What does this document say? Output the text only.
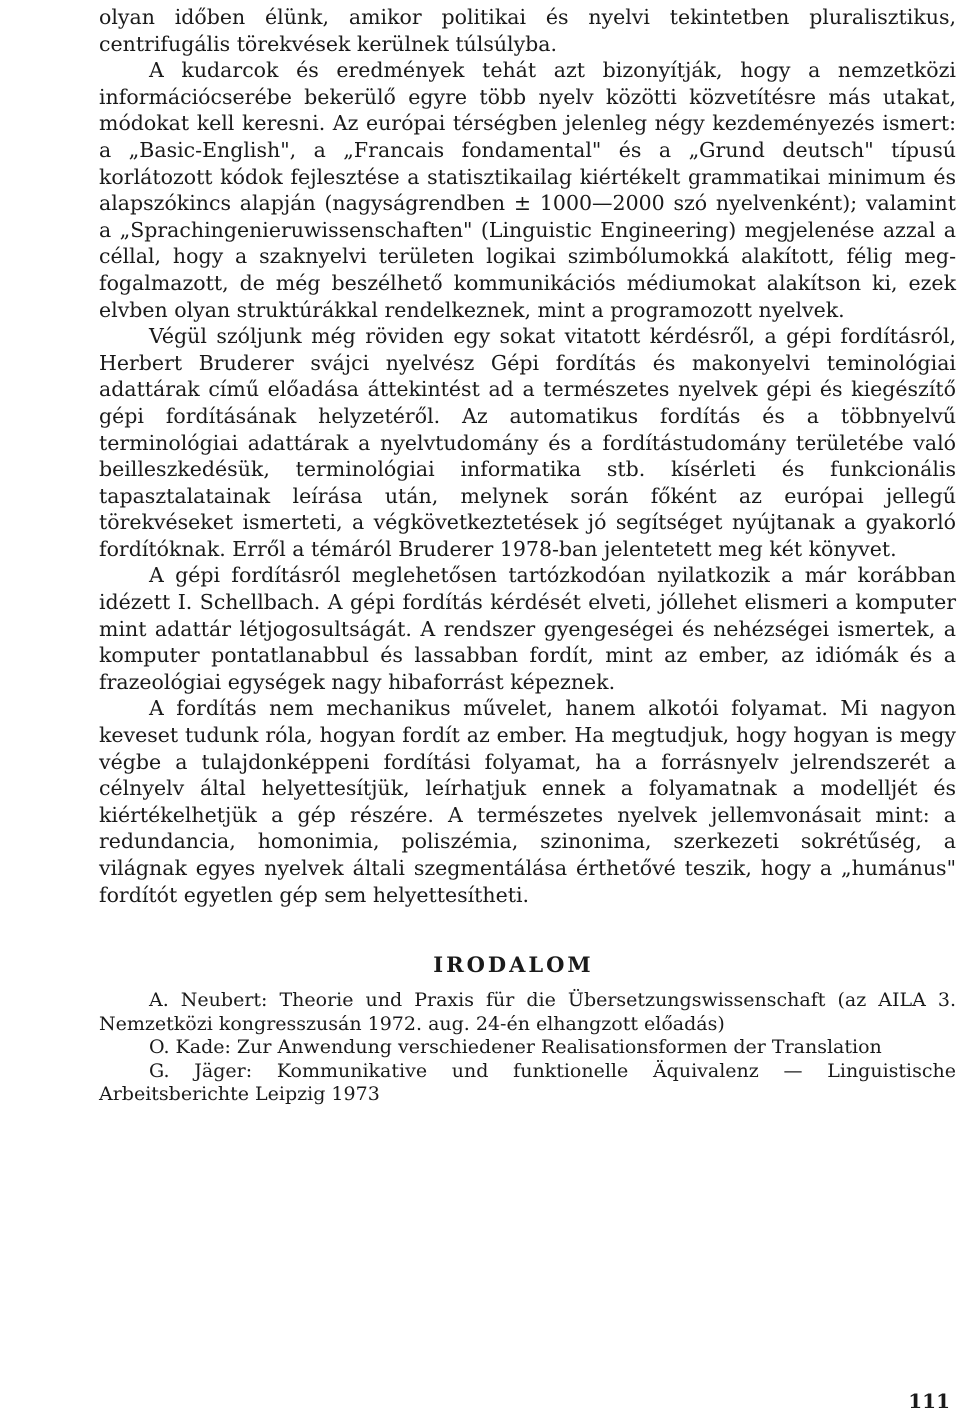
olyan időben élünk, amikor politikai és nyelvi tekintetben pluralisztikus, centrifugális törekvések kerülnek túlsúlyba.

A kudarcok és eredmények tehát azt bizonyítják, hogy a nemzetközi információcserébe bekerülő egyre több nyelv közötti közvetítésre más utakat, módokat kell keresni. Az európai térségben jelenleg négy kezdeményezés ismert: a „Basic-English", a „Francais fondamental" és a „Grund deutsch" típusú korlátozott kódok fejlesztése a statisztikailag kiértékelt grammatikai minimum és alapszókincs alapján (nagyságrendben ± 1000—2000 szó nyelvenként); valamint a „Sprachingenieruwissenschaften" (Linguistic Engineering) megjelenése azzal a céllal, hogy a szaknyelvi területen logikai szimbólumokká alakított, félig megfogalmazott, de még beszélhető kommunikációs médiumokat alakítson ki, ezek elvben olyan struktúrákkal rendelkeznek, mint a programozott nyelvek.

Végül szóljunk még röviden egy sokat vitatott kérdésről, a gépi fordításról, Herbert Bruderer svájci nyelvész Gépi fordítás és makonyelvi teminológiai adattárak című előadása áttekintést ad a természetes nyelvek gépi és kiegészítő gépi fordításának helyzetéről. Az automatikus fordítás és a többnyelvű terminológiai adattárak a nyelvtudomány és a fordítástudomány területébe való beilleszkedésük, terminológiai informatika stb. kísérleti és funkcionális tapasztalatainak leírása után, melynek során főként az európai jellegű törekvéseket ismerteti, a végkövetkeztetések jó segítséget nyújtanak a gyakorló fordítóknak. Erről a témáról Bruderer 1978-ban jelentetett meg két könyvet.

A gépi fordításról meglehetősen tartózkodóan nyilatkozik a már korábban idézett I. Schellbach. A gépi fordítás kérdését elveti, jóllehet elismeri a komputer mint adattár létjogosultságát. A rendszer gyengeségei és nehézségei ismertek, a komputer pontatlanabbul és lassabban fordít, mint az ember, az idiómák és a frazeológiai egységek nagy hibaforrást képeznek.

A fordítás nem mechanikus művelet, hanem alkotói folyamat. Mi nagyon keveset tudunk róla, hogyan fordít az ember. Ha megtudjuk, hogy hogyan is megy végbe a tulajdonképpeni fordítási folyamat, ha a forrásnyelv jelrendszerét a célnyelv által helyettesítjük, leírhatjuk ennek a folyamatnak a modelljét és kiértékelhetjük a gép részére. A természetes nyelvek jellemvonásait mint: a redundancia, homonimia, poliszémia, szinonima, szerkezeti sokrétűség, a világnak egyes nyelvek általi szegmentálása érthetővé teszik, hogy a „humánus" fordítót egyetlen gép sem helyettesítheti.

IRODALOM

A. Neubert: Theorie und Praxis für die Übersetzungswissenschaft (az AILA 3. Nemzetközi kongresszusán 1972. aug. 24-én elhangzott előadás)

O. Kade: Zur Anwendung verschiedener Realisationsformen der Translation

G. Jäger: Kommunikative und funktionelle Äquivalenz — Linguistische Arbeitsberichte Leipzig 1973

111
